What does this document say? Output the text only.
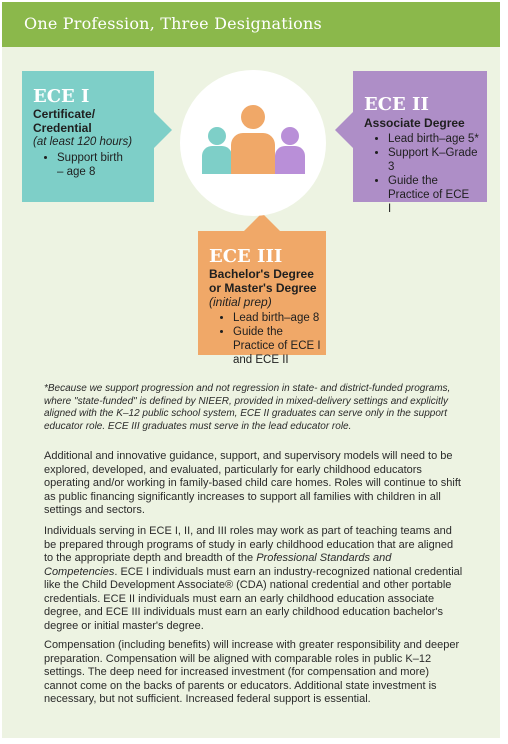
One Profession, Three Designations
ECE I
Certificate/
Credential
(at least 120 hours)
• Support birth – age 8
ECE II
Associate Degree
• Lead birth–age 5*
• Support K–Grade 3
• Guide the Practice of ECE I
ECE III
Bachelor's Degree or Master's Degree (initial prep)
• Lead birth–age 8
• Guide the Practice of ECE I and ECE II

*Because we support progression and not regression in state- and district-funded programs, where "state-funded" is defined by NIEER, provided in mixed-delivery settings and explicitly aligned with the K–12 public school system, ECE II graduates can serve only in the support educator role. ECE III graduates must serve in the lead educator role.

Additional and innovative guidance, support, and supervisory models will need to be explored, developed, and evaluated, particularly for early childhood educators operating and/or working in family-based child care homes. Roles will continue to shift as public financing significantly increases to support all families with children in all settings and sectors.

Individuals serving in ECE I, II, and III roles may work as part of teaching teams and be prepared through programs of study in early childhood education that are aligned to the appropriate depth and breadth of the Professional Standards and Competencies. ECE I individuals must earn an industry-recognized national credential like the Child Development Associate® (CDA) national credential and other portable credentials. ECE II individuals must earn an early childhood education associate degree, and ECE III individuals must earn an early childhood education bachelor's degree or initial master's degree.

Compensation (including benefits) will increase with greater responsibility and deeper preparation. Compensation will be aligned with comparable roles in public K–12 settings. The deep need for increased investment (for compensation and more) cannot come on the backs of parents or educators. Additional state investment is necessary, but not sufficient. Increased federal support is essential.
